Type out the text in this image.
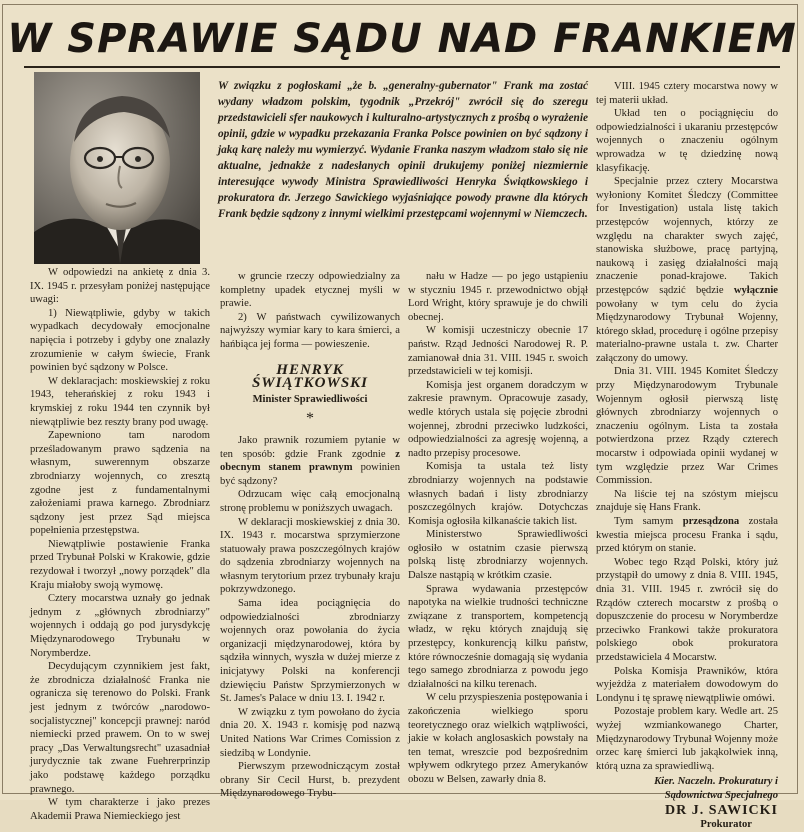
W SPRAWIE SĄDU NAD FRANKIEM

W związku z pogłoskami „że b. „generalny-gubernator" Frank ma zostać wydany władzom polskim, tygodnik „Przekrój" zwrócił się do szeregu przedstawicieli sfer naukowych i kulturalno-artystycznych z prośbą o wyrażenie opinii, gdzie w wypadku przekazania Franka Polsce powinien on być sądzony i jaką karę należy mu wymierzyć. Wydanie Franka naszym władzom stało się nie aktualne, jednakże z nadesłanych opinii drukujemy poniżej niezmiernie interesujące wywody Ministra Sprawiedliwości Henryka Świątkowskiego i prokuratora dr. Jerzego Sawickiego wyjaśniające powody prawne dla których Frank będzie sądzony z innymi wielkimi przestępcami wojennymi w Niemczech.

W odpowiedzi na ankietę z dnia 3. IX. 1945 r. przesyłam poniżej następujące uwagi:

1) Niewątpliwie, gdyby w takich wypadkach decydowały emocjonalne napięcia i potrzeby i gdyby one znalazły zrozumienie w całym świecie, Frank powinien być sądzony w Polsce.

W deklaracjach: moskiewskiej z roku 1943, teherańskiej z roku 1943 i krymskiej z roku 1944 ten czynnik był niewątpliwie bez reszty brany pod uwagę.

Zapewniono tam narodom prześladowanym prawo sądzenia na własnym, suwerennym obszarze zbrodniarzy wojennych, co zresztą zgodne jest z fundamentalnymi założeniami prawa karnego. Zbrodniarz sądzony jest przez Sąd miejsca popełnienia przestępstwa.

Niewątpliwie postawienie Franka przed Trybunał Polski w Krakowie, gdzie rezydował i tworzył „nowy porządek" dla Kraju miałoby swoją wymowę.

Cztery mocarstwa uznały go jednak jednym z „głównych zbrodniarzy" wojennych i oddają go pod jurysdykcję Międzynarodowego Trybunału w Norymberdze.

Decydującym czynnikiem jest fakt, że zbrodnicza działalność Franka nie ogranicza się terenowo do Polski. Frank jest jednym z twórców „narodowo-socjalistycznej" koncepcji prawnej: naród niemiecki przed prawem. On to w swej pracy „Das Verwaltungsrecht" uzasadniał jurydycznie tak zwane Fuehrerprinzip jako podstawę każdego porządku prawnego.

W tym charakterze i jako prezes Akademii Prawa Niemieckiego jest

w gruncie rzeczy odpowiedzialny za kompletny upadek etycznej myśli w prawie.

2) W państwach cywilizowanych najwyższy wymiar kary to kara śmierci, a hańbiąca jej forma — powieszenie.

HENRYK ŚWIĄTKOWSKI

Minister Sprawiedliwości

*

Jako prawnik rozumiem pytanie w ten sposób: gdzie Frank zgodnie z obecnym stanem prawnym powinien być sądzony?

Odrzucam więc całą emocjonalną stronę problemu w poniższych uwagach.

W deklaracji moskiewskiej z dnia 30. IX. 1943 r. mocarstwa sprzymierzone statuowały prawa poszczególnych krajów do sądzenia zbrodniarzy wojennych na własnym terytorium przez trybunały kraju pokrzywdzonego.

Sama idea pociągnięcia do odpowiedzialności zbrodniarzy wojennych oraz powołania do życia organizacji międzynarodowej, która by sądziła winnych, wyszła w dużej mierze z inicjatywy Polski na konferencji dziewięciu Państw Sprzymierzonych w St. James's Palace w dniu 13. I. 1942 r.

W związku z tym powołano do życia dnia 20. X. 1943 r. komisję pod nazwą United Nations War Crimes Comission z siedzibą w Londynie.

Pierwszym przewodniczącym został obrany Sir Cecil Hurst, b. prezydent Międzynarodowego Trybu-

nału w Hadze — po jego ustąpieniu w styczniu 1945 r. przewodnictwo objął Lord Wright, który sprawuje je do chwili obecnej.

W komisji uczestniczy obecnie 17 państw. Rząd Jedności Narodowej R. P. zamianował dnia 31. VIII. 1945 r. swoich przedstawicieli w tej komisji.

Komisja jest organem doradczym w zakresie prawnym. Opracowuje zasady, wedle których ustala się pojęcie zbrodni wojennej, zbrodni przeciwko ludzkości, odpowiedzialności za agresję wojenną, a nadto przepisy procesowe.

Komisja ta ustala też listy zbrodniarzy wojennych na podstawie własnych badań i listy zbrodniarzy poszczególnych krajów. Dotychczas Komisja ogłosiła kilkanaście takich list.

Ministerstwo Sprawiedliwości ogłosiło w ostatnim czasie pierwszą polską listę zbrodniarzy wojennych. Dalsze nastąpią w krótkim czasie.

Sprawa wydawania przestępców napotyka na wielkie trudności techniczne związane z transportem, kompetencją władz, w ręku których znajdują się przestępcy, konkurencją kilku państw, które równocześnie domagają się wydania tego samego zbrodniarza z powodu jego działalności na kilku terenach.

W celu przyspieszenia postępowania i zakończenia wielkiego sporu teoretycznego oraz wielkich wątpliwości, jakie w kołach anglosaskich powstały na ten temat, wreszcie pod bezpośrednim wpływem odkrytego przez Amerykanów obozu w Belsen, zawarły dnia 8.

VIII. 1945 cztery mocarstwa nowy w tej materii układ.

Układ ten o pociągnięciu do odpowiedzialności i ukaraniu przestępców wojennych o znaczeniu ogólnym wprowadza w tę dziedzinę nową klasyfikację.

Specjalnie przez cztery Mocarstwa wyłoniony Komitet Śledczy (Committee for Investigation) ustala listę takich przestępców wojennych, którzy ze względu na charakter swych zajęć, stanowiska służbowe, pracę partyjną, naukową i zasięg działalności mają znaczenie ponad-krajowe. Takich przestępców sądzić będzie wyłącznie powołany w tym celu do życia Międzynarodowy Trybunał Wojenny, którego skład, procedurę i ogólne przepisy materialno-prawne ustala t. zw. Charter załączony do umowy.

Dnia 31. VIII. 1945 Komitet Śledczy przy Międzynarodowym Trybunale Wojennym ogłosił pierwszą listę głównych zbrodniarzy wojennych o znaczeniu ogólnym. Lista ta została potwierdzona przez Rządy czterech mocarstw i odpowiada opinii wydanej w tym względzie przez War Crimes Commission.

Na liście tej na szóstym miejscu znajduje się Hans Frank.

Tym samym przesądzona została kwestia miejsca procesu Franka i sądu, przed którym on stanie.

Wobec tego Rząd Polski, który już przystąpił do umowy z dnia 8. VIII. 1945, dnia 31. VIII. 1945 r. zwrócił się do Rządów czterech mocarstw z prośbą o dopuszczenie do procesu w Norymberdze przeciwko Frankowi także prokuratora polskiego obok prokuratora przedstawiciela 4 Mocarstw.

Polska Komisja Prawników, która wyjeżdża z materiałem dowodowym do Londynu i tę sprawę niewątpliwie omówi.

Pozostaje problem kary. Wedle art. 25 wyżej wzmiankowanego Charter, Międzynarodowy Trybunał Wojenny może orzec karę śmierci lub jakąkolwiek inną, którą uzna za sprawiedliwą.

Kier. Naczeln. Prokuratury i Sądownictwa Specjalnego

DR J. SAWICKI

Prokurator
